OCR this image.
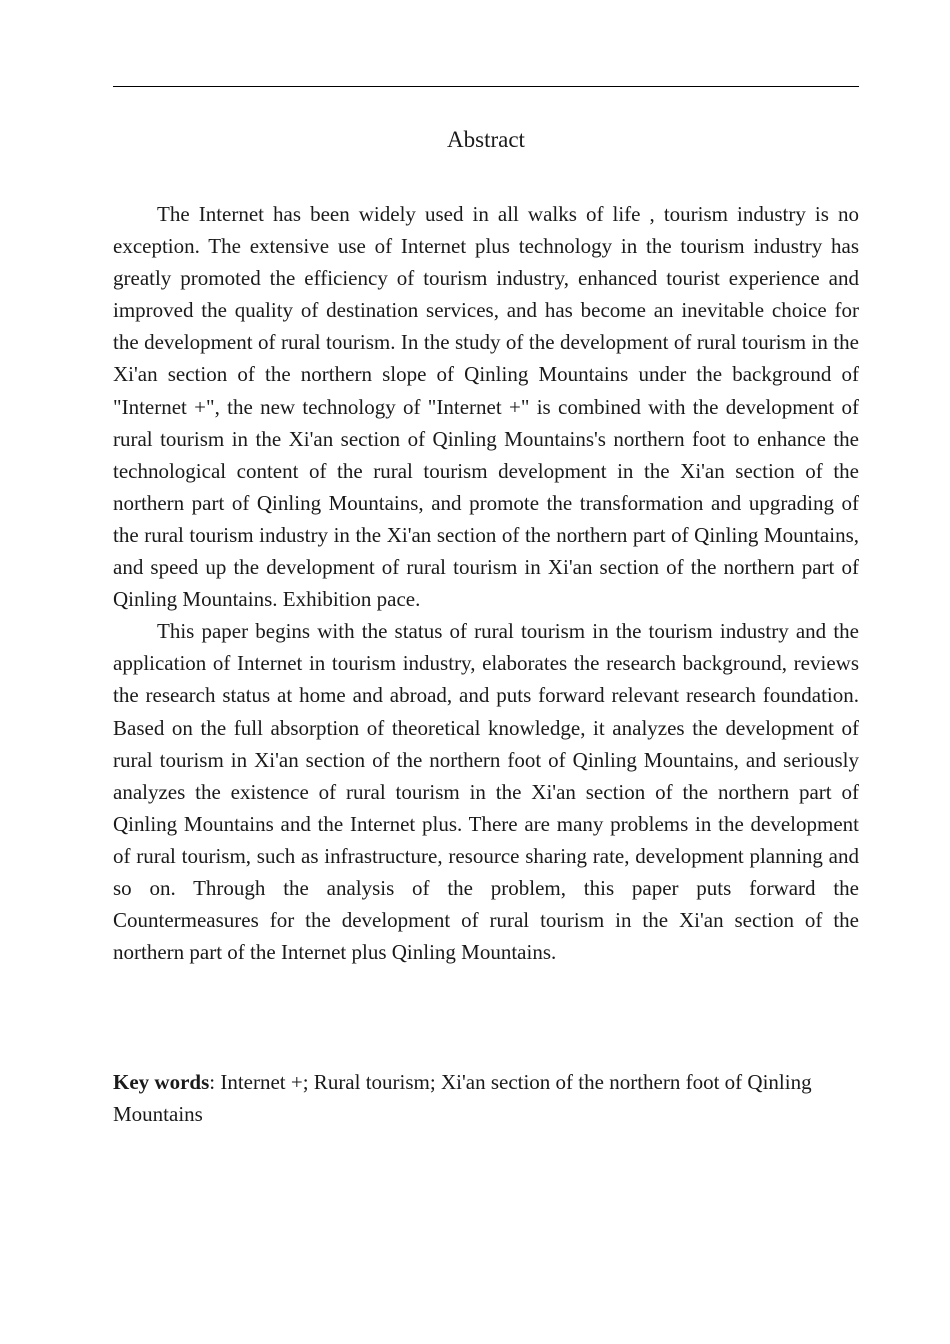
Abstract

The Internet has been widely used in all walks of life , tourism industry is no exception. The extensive use of Internet plus technology in the tourism industry has greatly promoted the efficiency of tourism industry, enhanced tourist experience and improved the quality of destination services, and has become an inevitable choice for the development of rural tourism. In the study of the development of rural tourism in the Xi'an section of the northern slope of Qinling Mountains under the background of "Internet +", the new technology of "Internet +" is combined with the development of rural tourism in the Xi'an section of Qinling Mountains's northern foot to enhance the technological content of the rural tourism development in the Xi'an section of the northern part of Qinling Mountains, and promote the transformation and upgrading of the rural tourism industry in the Xi'an section of the northern part of Qinling Mountains, and speed up the development of rural tourism in Xi'an section of the northern part of Qinling Mountains. Exhibition pace.

This paper begins with the status of rural tourism in the tourism industry and the application of Internet in tourism industry, elaborates the research background, reviews the research status at home and abroad, and puts forward relevant research foundation. Based on the full absorption of theoretical knowledge, it analyzes the development of rural tourism in Xi'an section of the northern foot of Qinling Mountains, and seriously analyzes the existence of rural tourism in the Xi'an section of the northern part of Qinling Mountains and the Internet plus. There are many problems in the development of rural tourism, such as infrastructure, resource sharing rate, development planning and so on. Through the analysis of the problem, this paper puts forward the Countermeasures for the development of rural tourism in the Xi'an section of the northern part of the Internet plus Qinling Mountains.

Key words: Internet +; Rural tourism; Xi'an section of the northern foot of Qinling Mountains
